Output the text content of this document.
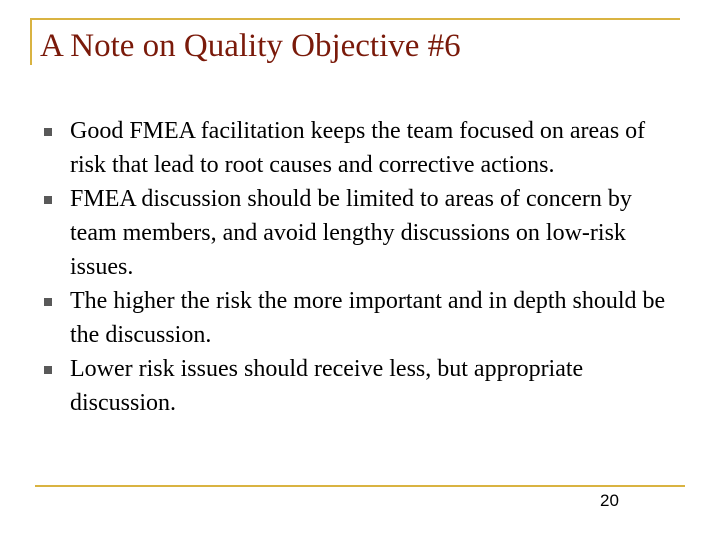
A Note on Quality Objective #6
Good FMEA facilitation keeps the team focused on areas of risk that lead to root causes and corrective actions.
FMEA discussion should be limited to areas of concern by team members, and avoid lengthy discussions on low-risk issues.
The higher the risk the more important and in depth should be the discussion.
Lower risk issues should receive less, but appropriate discussion.
20
